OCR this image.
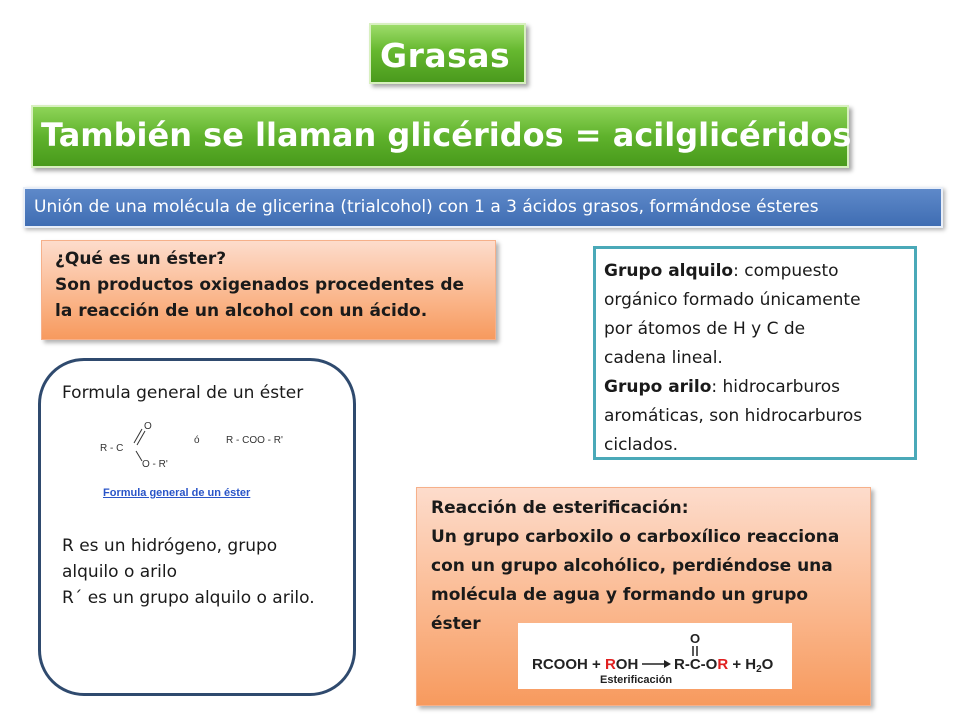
Grasas
También se llaman glicéridos = acilglicéridos
Unión de una molécula de glicerina (trialcohol) con 1 a 3 ácidos grasos, formándose ésteres
¿Qué es un éster?
Son productos oxigenados procedentes de
la reacción de un alcohol con un ácido.
Grupo alquilo: compuesto
orgánico formado únicamente
por átomos de H y C de
cadena lineal.
Grupo arilo: hidrocarburos
aromáticas, son hidrocarburos
ciclados.
Formula general de un éster
R - C
O
O - R'
ó	R - COO - R'
Formula general de un éster
R es un hidrógeno, grupo
alquilo o arilo
R´ es un grupo alquilo o arilo.
Reacción de esterificación:
Un grupo carboxilo o carboxílico reacciona
con un grupo alcohólico, perdiéndose una
molécula de agua y formando un grupo
éster
O
RCOOH + ROH $R-C-OR + H_2O$
Esterificación
